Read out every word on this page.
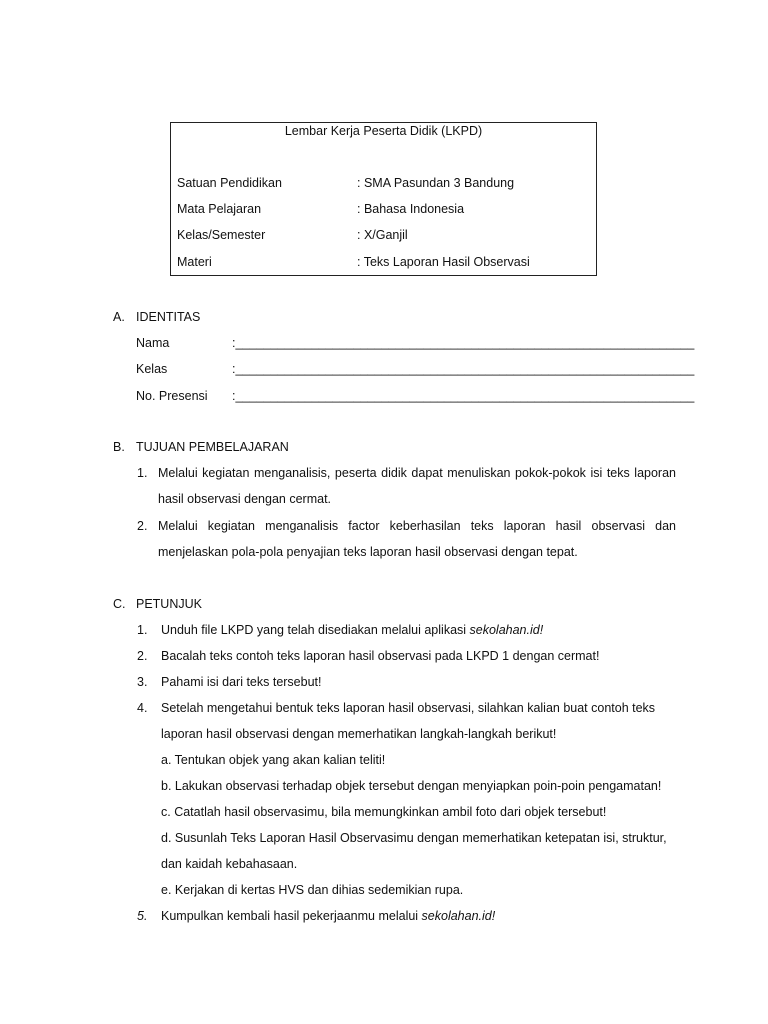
Lembar Kerja Peserta Didik (LKPD)
Satuan Pendidikan	: SMA Pasundan 3 Bandung
Mata Pelajaran	: Bahasa Indonesia
Kelas/Semester	: X/Ganjil
Materi	: Teks Laporan Hasil Observasi
A. IDENTITAS
Nama	:__________________________________________________________________
Kelas	:__________________________________________________________________
No. Presensi :__________________________________________________________________
B. TUJUAN PEMBELAJARAN
1. Melalui kegiatan menganalisis, peserta didik dapat menuliskan pokok-pokok isi teks laporan
hasil observasi dengan cermat.
2. Melalui kegiatan menganalisis factor keberhasilan teks laporan hasil observasi dan
menjelaskan pola-pola penyajian teks laporan hasil observasi dengan tepat.
C. PETUNJUK
1. Unduh file LKPD yang telah disediakan melalui aplikasi sekolahan.id!
2. Bacalah teks contoh teks laporan hasil observasi pada LKPD 1 dengan cermat!
3. Pahami isi dari teks tersebut!
4. Setelah mengetahui bentuk teks laporan hasil observasi, silahkan kalian buat contoh teks
laporan hasil observasi dengan memerhatikan langkah-langkah berikut!
a. Tentukan objek yang akan kalian teliti!
b. Lakukan observasi terhadap objek tersebut dengan menyiapkan poin-poin pengamatan!
c. Catatlah hasil observasimu, bila memungkinkan ambil foto dari objek tersebut!
d. Susunlah Teks Laporan Hasil Observasimu dengan memerhatikan ketepatan isi, struktur,
dan kaidah kebahasaan.
e. Kerjakan di kertas HVS dan dihias sedemikian rupa.
5. Kumpulkan kembali hasil pekerjaanmu melalui sekolahan.id!
